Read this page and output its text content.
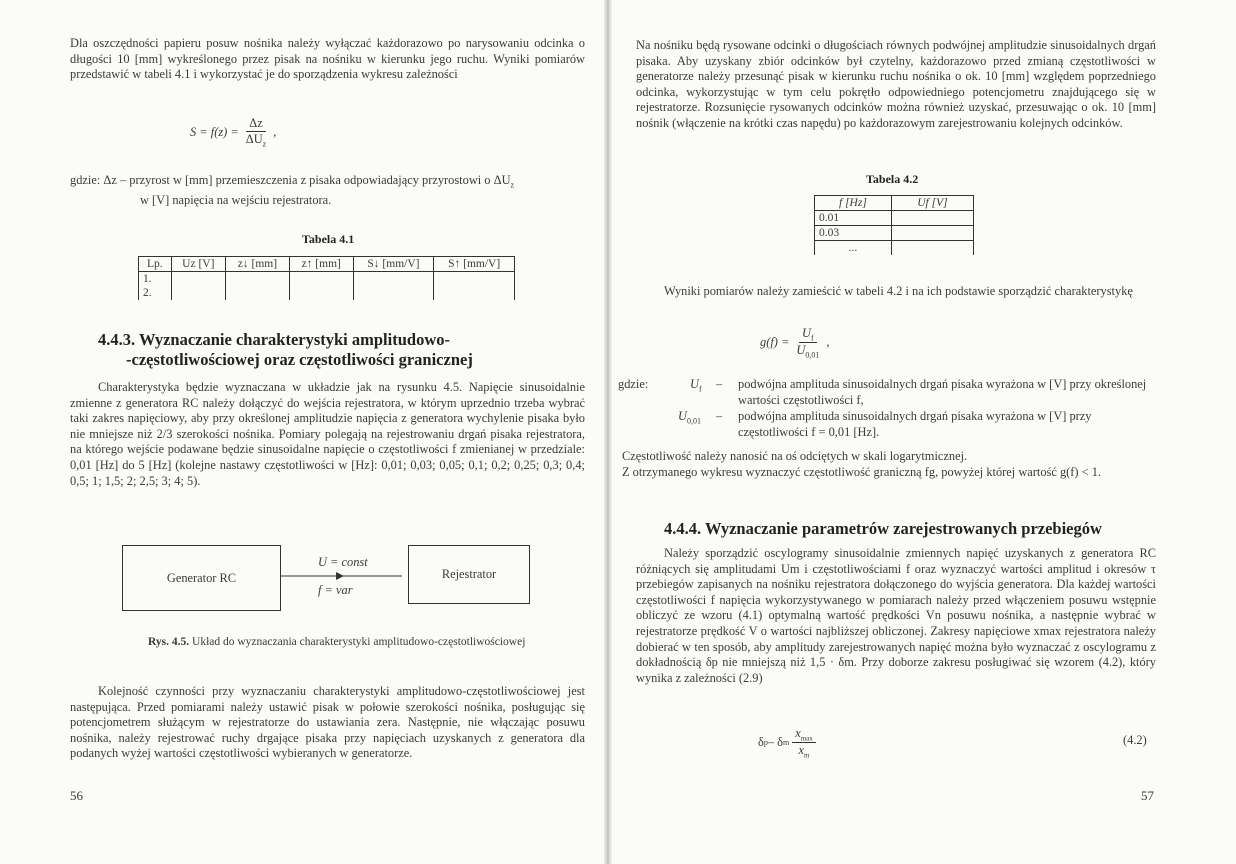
Dla oszczędności papieru posuw nośnika należy wyłączać każdorazowo po narysowaniu odcinka o długości 10 [mm] wykreślonego przez pisak na nośniku w kierunku jego ruchu. Wyniki pomiarów przedstawić w tabeli 4.1 i wykorzystać je do sporządzenia wykresu zależności

$S = f(z) = \frac{\Delta z}{\Delta U_z}$ ,
gdzie: Δz – przyrost w [mm] przemieszczenia z pisaka odpowiadający przyrostowi o $\Delta U_z$
w [V] napięcia na wejściu rejestratora.
Tabela 4.1
Lp.	Uz [V]	z↓ [mm]	z↑ [mm]	S↓ [mm/V]	S↑ [mm/V]
1.					
2.					
4.4.3. Wyznaczanie charakterystyki amplitudowo-
-częstotliwościowej oraz częstotliwości granicznej

Charakterystyka będzie wyznaczana w układzie jak na rysunku 4.5. Napięcie sinusoidalnie zmienne z generatora RC należy dołączyć do wejścia rejestratora, w którym uprzednio trzeba wybrać taki zakres napięciowy, aby przy określonej amplitudzie napięcia z generatora wychylenie pisaka było nie mniejsze niż 2/3 szerokości nośnika. Pomiary polegają na rejestrowaniu drgań pisaka rejestratora, na którego wejście podawane będzie sinusoidalne napięcie o częstotliwości f zmienianej w przedziale: 0,01 [Hz] do 5 [Hz] (kolejne nastawy częstotliwości w [Hz]: 0,01; 0,03; 0,05; 0,1; 0,2; 0,25; 0,3; 0,4; 0,5; 1; 1,5; 2; 2,5; 3; 4; 5).

Generator RC	Rejestrator
U = const
f = var
Rys. 4.5. Układ do wyznaczania charakterystyki amplitudowo-częstotliwościowej

Kolejność czynności przy wyznaczaniu charakterystyki amplitudowo-częstotliwościowej jest następująca. Przed pomiarami należy ustawić pisak w połowie szerokości nośnika, posługując się potencjometrem służącym w rejestratorze do ustawiania zera. Następnie, nie włączając posuwu nośnika, należy rejestrować ruchy drgające pisaka przy napięciach uzyskanych z generatora dla podanych wyżej wartości częstotliwości wybieranych w generatorze.

56

Na nośniku będą rysowane odcinki o długościach równych podwójnej amplitudzie sinusoidalnych drgań pisaka. Aby uzyskany zbiór odcinków był czytelny, każdorazowo przed zmianą częstotliwości w generatorze należy przesunąć pisak w kierunku ruchu nośnika o ok. 10 [mm] względem poprzedniego odcinka, wykorzystując w tym celu pokrętło odpowiedniego potencjometru znajdującego się w rejestratorze. Rozsunięcie rysowanych odcinków można również uzyskać, przesuwając o ok. 10 [mm] nośnik (włączenie na krótki czas napędu) po każdorazowym zarejestrowaniu kolejnych odcinków.

Tabela 4.2
f [Hz]	Uf [V]
0.01	
0.03	
...	

Wyniki pomiarów należy zamieścić w tabeli 4.2 i na ich podstawie sporządzić charakterystykę

$g(f) = \frac{U_f}{U_{0,01}}$ ,
gdzie:	$U_f$ – podwójna amplituda sinusoidalnych drgań pisaka wyrażona w [V] przy określonej wartości częstotliwości f,
$U_{0,01}$ – podwójna amplituda sinusoidalnych drgań pisaka wyrażona w [V] przy częstotliwości f = 0,01 [Hz].

Częstotliwość należy nanosić na oś odciętych w skali logarytmicznej.

Z otrzymanego wykresu wyznaczyć częstotliwość graniczną fg, powyżej której wartość g(f) < 1.

4.4.4. Wyznaczanie parametrów zarejestrowanych przebiegów

Należy sporządzić oscylogramy sinusoidalnie zmiennych napięć uzyskanych z generatora RC różniących się amplitudami Um i częstotliwościami f oraz wyznaczyć wartości amplitud i okresów τ przebiegów zapisanych na nośniku rejestratora dołączonego do wyjścia generatora. Dla każdej wartości częstotliwości f napięcia wykorzystywanego w pomiarach należy przed włączeniem posuwu wstępnie obliczyć ze wzoru (4.1) optymalną wartość prędkości Vn posuwu nośnika, a następnie wybrać w rejestratorze prędkość V o wartości najbliższej obliczonej. Zakresy napięciowe xmax rejestratora należy dobierać w ten sposób, aby amplitudy zarejestrowanych napięć można było wyznaczać z oscylogramu z dokładnością δp nie mniejszą niż 1,5 · δm. Przy doborze zakresu posługiwać się wzorem (4.2), który wynika z zależności (2.9)

δ p – δ m $\frac{x_{max}}{x_m}$	(4.2)
57
